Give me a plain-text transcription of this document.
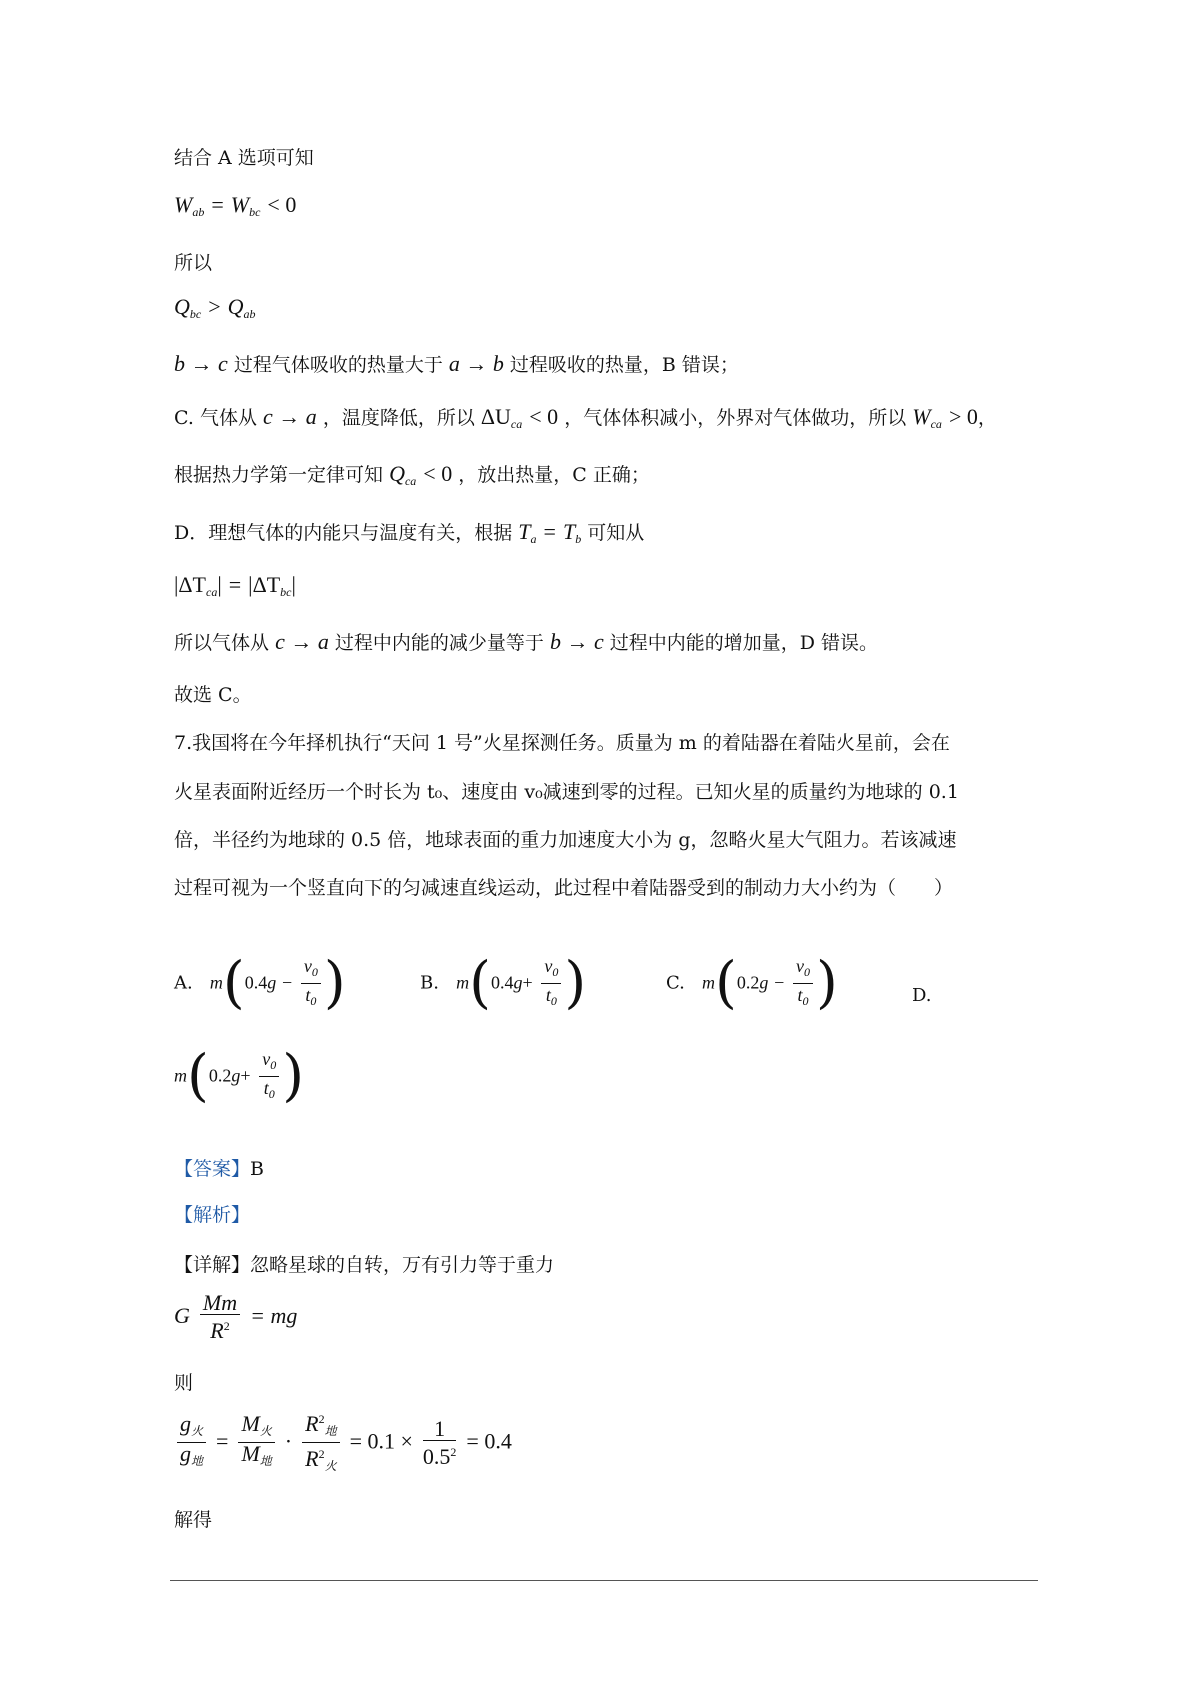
结合 A 选项可知
$W_{ab} = W_{bc} < 0$
所以
$Q_{bc} > Q_{ab}$
b → c 过程气体吸收的热量大于 a → b 过程吸收的热量，B 错误；
C. 气体从 c → a ，温度降低，所以 $\Delta U_{ca} < 0$ ，气体体积减小，外界对气体做功，所以 $W_{ca} > 0$，
根据热力学第一定律可知 $Q_{ca} < 0$ ，放出热量，C 正确；
D．理想气体的内能只与温度有关，根据 $T_a = T_b$ 可知从
$|\Delta T_{ca}| = |\Delta T_{bc}|$
所以气体从 c → a 过程中内能的减少量等于 b → c 过程中内能的增加量，D 错误。
故选 C。
7.我国将在今年择机执行“天问 1 号”火星探测任务。质量为 m 的着陆器在着陆火星前，会在
火星表面附近经历一个时长为 t₀、速度由 v₀减速到零的过程。已知火星的质量约为地球的 0.1
倍，半径约为地球的 0.5 倍，地球表面的重力加速度大小为 g，忽略火星大气阻力。若该减速
过程可视为一个竖直向下的匀减速直线运动，此过程中着陆器受到的制动力大小约为（　　）
A. $m(0.4g - \frac{v_0}{t_0}$ )	B. $m(0.4g+ \frac{v_0}{t_0}$ )	C. $m(0.2g - \frac{v_0}{t_0}$ )	D.
$m(0.2g+ \frac{v_0}{t_0}$ )
【答案】B
【解析】
【详解】忽略星球的自转，万有引力等于重力
G $\frac{Mm}{R^2}$ = mg
则
$\frac{g_火}{g_地} = \frac{M_火}{M_地} \cdot \frac{R^2_地}{R^2_火} = 0.1 \times \frac{1}{0.5^2} = 0.4$
解得
